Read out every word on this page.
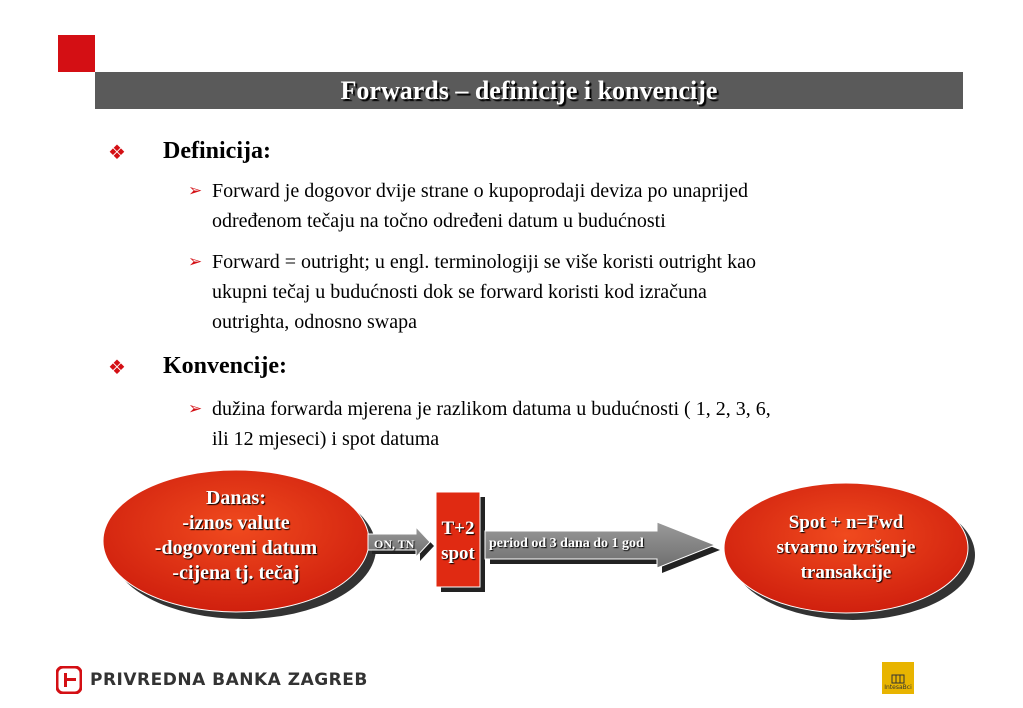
Forwards – definicije i konvencije
❖ Definicija:
➢ Forward je dogovor dvije strane o kupoprodaji deviza po unaprijed
određenom tečaju na točno određeni datum u budućnosti
➢ Forward = outright; u engl. terminologiji se više koristi outright kao
ukupni tečaj u budućnosti dok se forward koristi kod izračuna
outrighta, odnosno swapa
❖ Konvencije:
➢ dužina forwarda mjerena je razlikom datuma u budućnosti ( 1, 2, 3, 6,
ili 12 mjeseci) i spot datuma
Danas:
-iznos valute
-dogovoreni datum
-cijena tj. tečaj
ON, TN
T+2
spot	period od 3 dana do 1 god
Spot + n=Fwd
stvarno izvršenje
transakcije
PRIVREDNA BANKA ZAGREB	IntesaBci
